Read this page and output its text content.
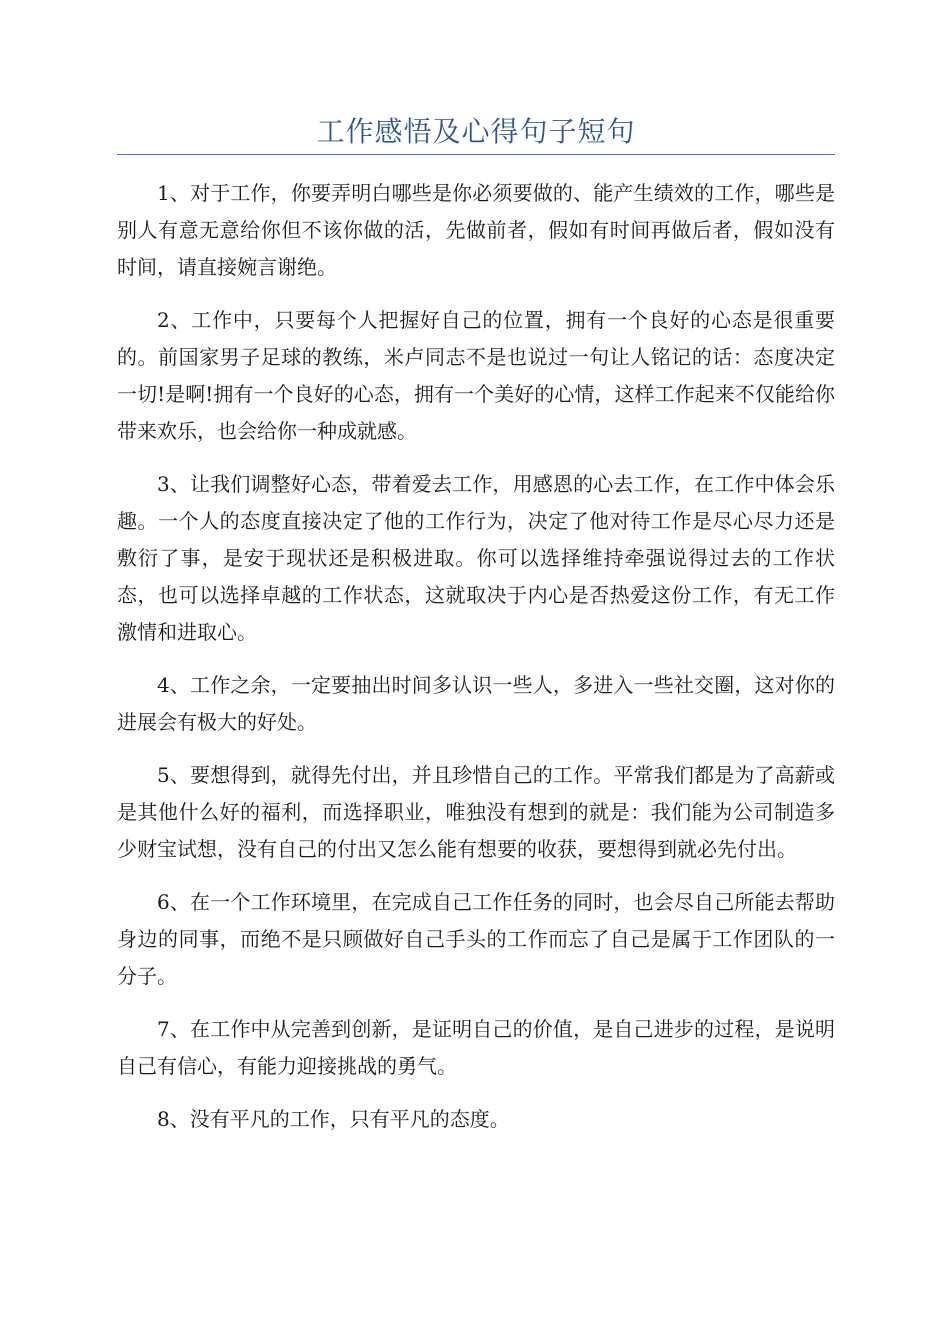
工作感悟及心得句子短句

1、对于工作，你要弄明白哪些是你必须要做的、能产生绩效的工作，哪些是别人有意无意给你但不该你做的活，先做前者，假如有时间再做后者，假如没有时间，请直接婉言谢绝。

2、工作中，只要每个人把握好自己的位置，拥有一个良好的心态是很重要的。前国家男子足球的教练，米卢同志不是也说过一句让人铭记的话：态度决定一切!是啊!拥有一个良好的心态，拥有一个美好的心情，这样工作起来不仅能给你带来欢乐，也会给你一种成就感。

3、让我们调整好心态，带着爱去工作，用感恩的心去工作，在工作中体会乐趣。一个人的态度直接决定了他的工作行为，决定了他对待工作是尽心尽力还是敷衍了事，是安于现状还是积极进取。你可以选择维持牵强说得过去的工作状态，也可以选择卓越的工作状态，这就取决于内心是否热爱这份工作，有无工作激情和进取心。

4、工作之余，一定要抽出时间多认识一些人，多进入一些社交圈，这对你的进展会有极大的好处。

5、要想得到，就得先付出，并且珍惜自己的工作。平常我们都是为了高薪或是其他什么好的福利，而选择职业，唯独没有想到的就是：我们能为公司制造多少财宝试想，没有自己的付出又怎么能有想要的收获，要想得到就必先付出。

6、在一个工作环境里，在完成自己工作任务的同时，也会尽自己所能去帮助身边的同事，而绝不是只顾做好自己手头的工作而忘了自己是属于工作团队的一分子。

7、在工作中从完善到创新，是证明自己的价值，是自己进步的过程，是说明自己有信心，有能力迎接挑战的勇气。

8、没有平凡的工作，只有平凡的态度。
